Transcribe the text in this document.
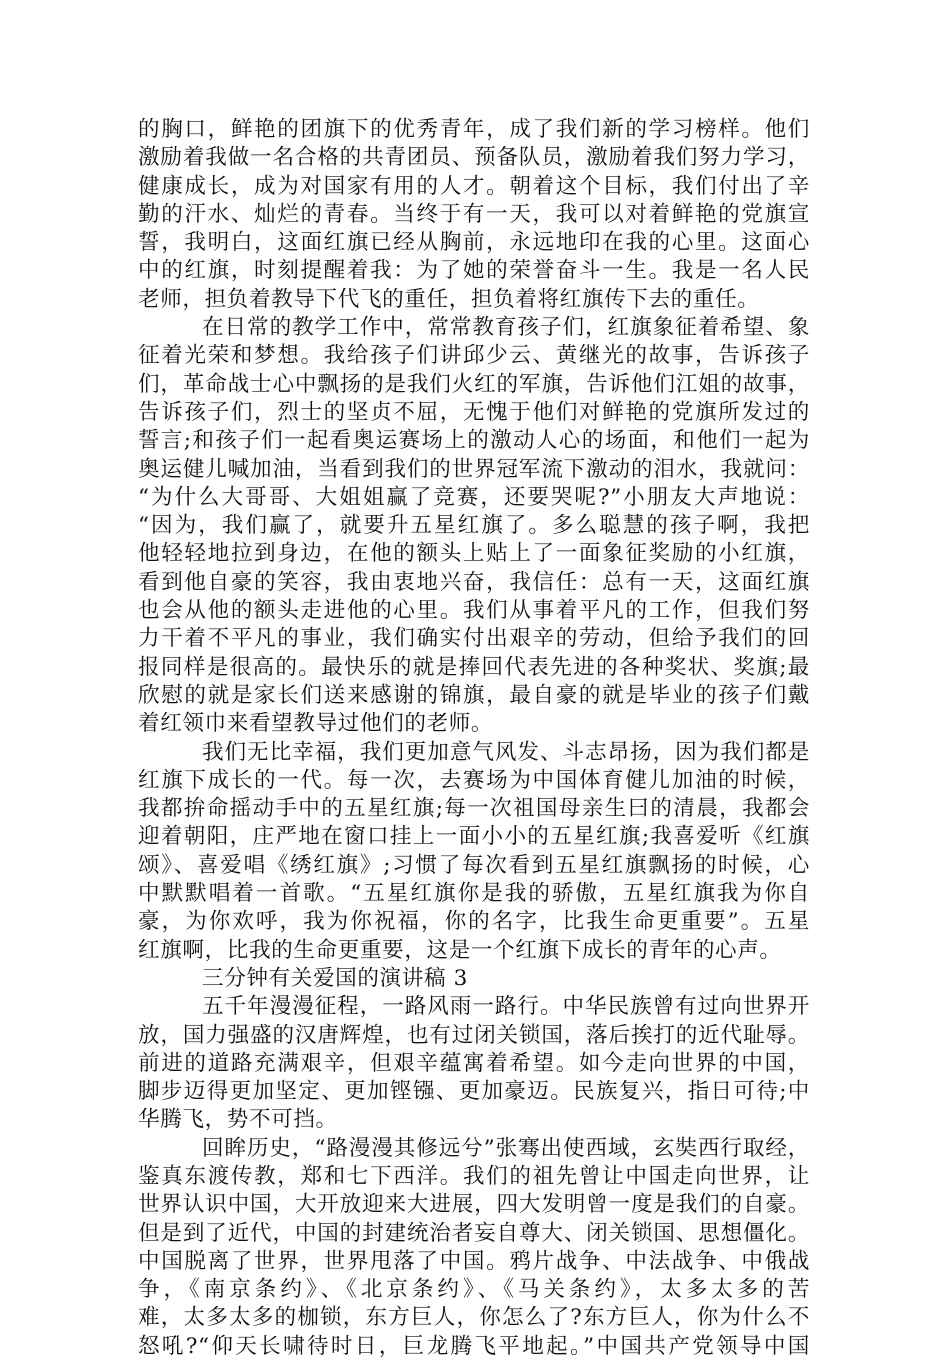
的胸口，鲜艳的团旗下的优秀青年，成了我们新的学习榜样。他们
激励着我做一名合格的共青团员、预备队员，激励着我们努力学习，
健康成长，成为对国家有用的人才。朝着这个目标，我们付出了辛
勤的汗水、灿烂的青春。当终于有一天，我可以对着鲜艳的党旗宣
誓，我明白，这面红旗已经从胸前，永远地印在我的心里。这面心
中的红旗，时刻提醒着我：为了她的荣誉奋斗一生。我是一名人民
老师，担负着教导下代飞的重任，担负着将红旗传下去的重任。
在日常的教学工作中，常常教育孩子们，红旗象征着希望、象
征着光荣和梦想。我给孩子们讲邱少云、黄继光的故事，告诉孩子
们，革命战士心中飘扬的是我们火红的军旗，告诉他们江姐的故事，
告诉孩子们，烈士的坚贞不屈，无愧于他们对鲜艳的党旗所发过的
誓言;和孩子们一起看奥运赛场上的激动人心的场面，和他们一起为
奥运健儿喊加油，当看到我们的世界冠军流下激动的泪水，我就问：
“为什么大哥哥、大姐姐赢了竞赛，还要哭呢?”小朋友大声地说：
“因为，我们赢了，就要升五星红旗了。多么聪慧的孩子啊，我把
他轻轻地拉到身边，在他的额头上贴上了一面象征奖励的小红旗，
看到他自豪的笑容，我由衷地兴奋，我信任：总有一天，这面红旗
也会从他的额头走进他的心里。我们从事着平凡的工作，但我们努
力干着不平凡的事业，我们确实付出艰辛的劳动，但给予我们的回
报同样是很高的。最快乐的就是捧回代表先进的各种奖状、奖旗;最
欣慰的就是家长们送来感谢的锦旗，最自豪的就是毕业的孩子们戴
着红领巾来看望教导过他们的老师。
我们无比幸福，我们更加意气风发、斗志昂扬，因为我们都是
红旗下成长的一代。每一次，去赛场为中国体育健儿加油的时候，
我都拚命摇动手中的五星红旗;每一次祖国母亲生曰的清晨，我都会
迎着朝阳，庄严地在窗口挂上一面小小的五星红旗;我喜爱听《红旗
颂》、喜爱唱《绣红旗》;习惯了每次看到五星红旗飘扬的时候，心
中默默唱着一首歌。“五星红旗你是我的骄傲，五星红旗我为你自
豪，为你欢呼，我为你祝福，你的名字，比我生命更重要”。五星
红旗啊，比我的生命更重要，这是一个红旗下成长的青年的心声。
三分钟有关爱国的演讲稿 3
五千年漫漫征程，一路风雨一路行。中华民族曾有过向世界开
放，国力强盛的汉唐辉煌，也有过闭关锁国，落后挨打的近代耻辱。
前进的道路充满艰辛，但艰辛蕴寓着希望。如今走向世界的中国，
脚步迈得更加坚定、更加铿镪、更加豪迈。民族复兴，指日可待;中
华腾飞，势不可挡。
回眸历史，“路漫漫其修远兮”张骞出使西域，玄奘西行取经，
鉴真东渡传教，郑和七下西洋。我们的祖先曾让中国走向世界，让
世界认识中国，大开放迎来大进展，四大发明曾一度是我们的自豪。
但是到了近代，中国的封建统治者妄自尊大、闭关锁国、思想僵化。
中国脱离了世界，世界甩落了中国。鸦片战争、中法战争、中俄战
争，《南京条约》、《北京条约》、《马关条约》，太多太多的苦
难，太多太多的枷锁，东方巨人，你怎么了?东方巨人，你为什么不
怒吼?“仰天长啸待时日，巨龙腾飞平地起。”中国共产党领导中国
